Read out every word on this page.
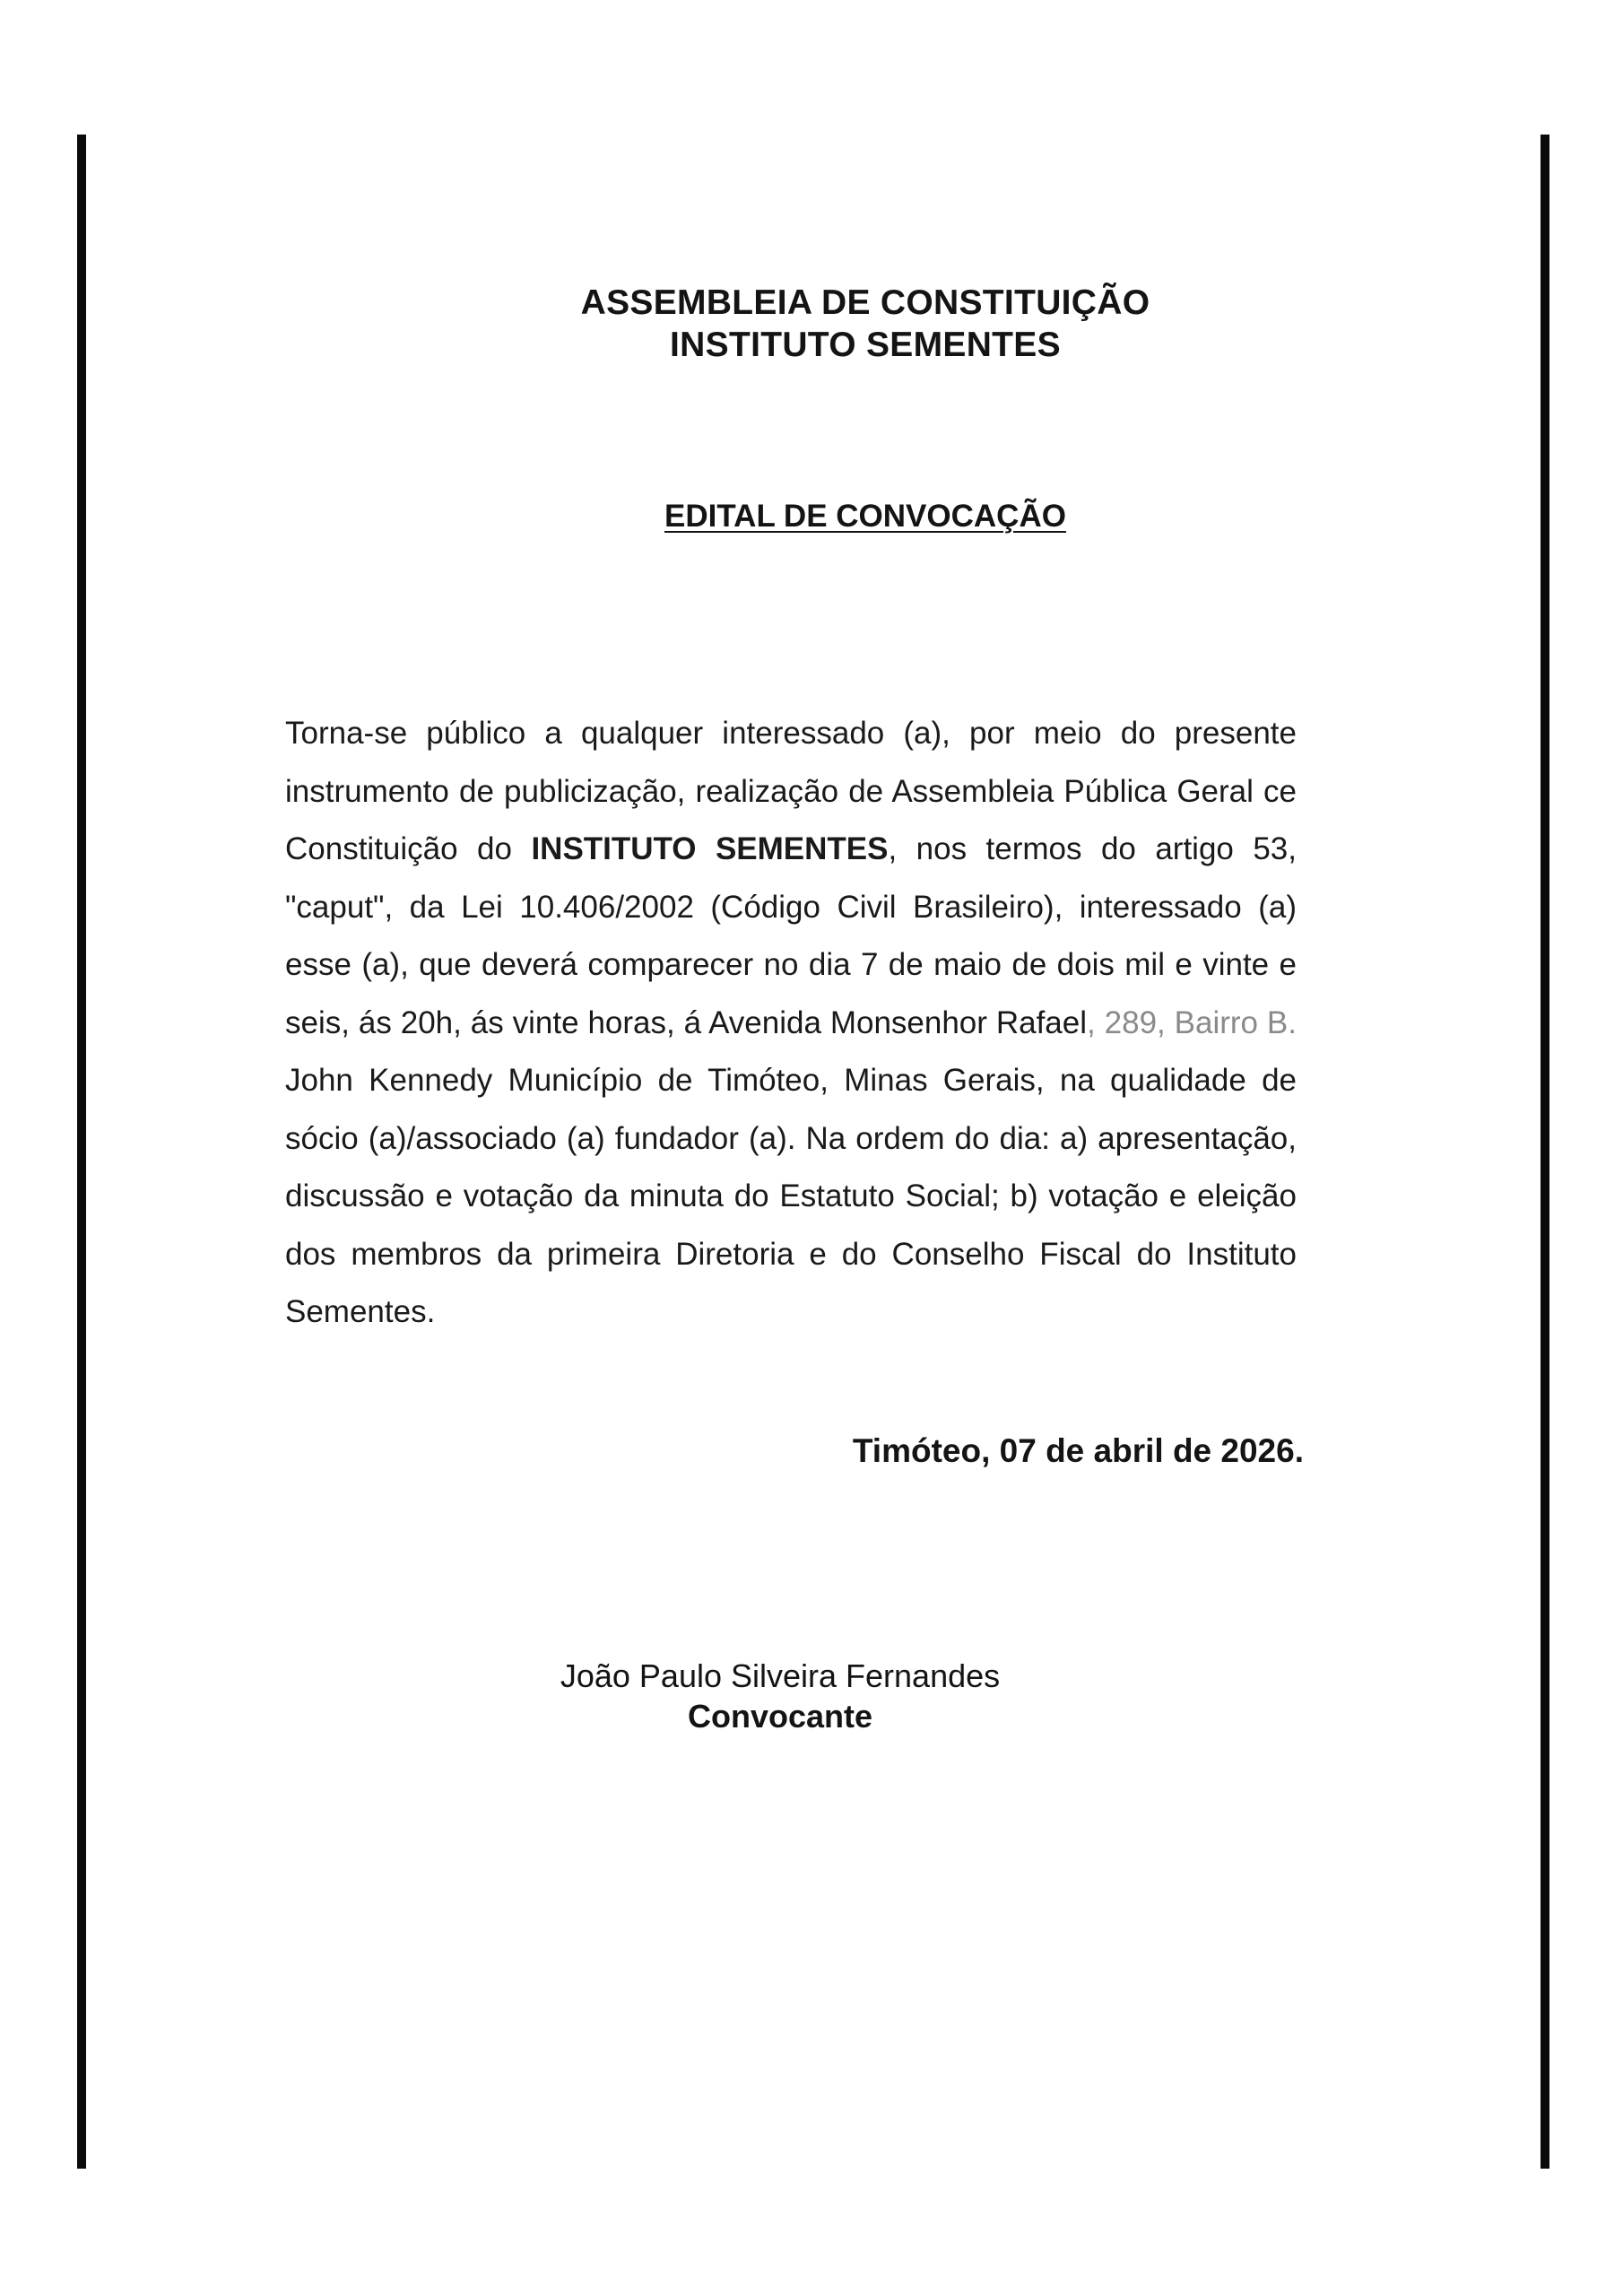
ASSEMBLEIA DE CONSTITUIÇÃO
INSTITUTO SEMENTES
EDITAL DE CONVOCAÇÃO
Torna-se público a qualquer interessado (a), por meio do presente instrumento de publicização, realização de Assembleia Pública Geral ce Constituição do INSTITUTO SEMENTES, nos termos do artigo 53, "caput", da Lei 10.406/2002 (Código Civil Brasileiro), interessado (a) esse (a), que deverá comparecer no dia 7 de maio de dois mil e vinte e seis, ás 20h, ás vinte horas, á Avenida Monsenhor Rafael, 289, Bairro B. John Kennedy Município de Timóteo, Minas Gerais, na qualidade de sócio (a)/associado (a) fundador (a). Na ordem do dia: a) apresentação, discussão e votação da minuta do Estatuto Social; b) votação e eleição dos membros da primeira Diretoria e do Conselho Fiscal do Instituto Sementes.
Timóteo, 07 de abril de 2026.
João Paulo Silveira Fernandes
Convocante
